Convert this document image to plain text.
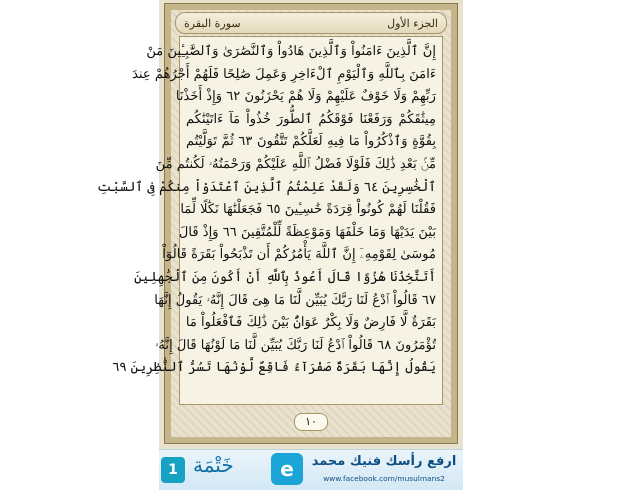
الجزء الأول
سورة البقرة
إِنَّ ٱلَّذِينَ ءَامَنُواْ وَٱلَّذِينَ هَادُواْ وَٱلنَّصَٰرَىٰ وَٱلصَّٰبِـِٔينَ مَنْ
ءَامَنَ بِٱللَّهِ وَٱلْيَوْمِ ٱلْءَاخِرِ وَعَمِلَ صَٰلِحًا فَلَهُمْ أَجْرُهُمْ عِندَ
رَبِّهِمْ وَلَا خَوْفٌ عَلَيْهِمْ وَلَا هُمْ يَحْزَنُونَ ٦٢ وَإِذْ أَخَذْنَا
مِيثَٰقَكُمْ وَرَفَعْنَا فَوْقَكُمُ ٱلطُّورَ خُذُواْ مَآ ءَاتَيْنَٰكُم
بِقُوَّةٍ وَٱذْكُرُواْ مَا فِيهِ لَعَلَّكُمْ تَتَّقُونَ ٦٣ ثُمَّ تَوَلَّيْتُم
مِّنۢ بَعْدِ ذَٰلِكَ فَلَوْلَا فَضْلُ ٱللَّهِ عَلَيْكُمْ وَرَحْمَتُهُۥ لَكُنتُم مِّنَ
ٱلْخَٰسِرِينَ ٦٤ وَلَقَدْ عَلِمْتُمُ ٱلَّذِينَ ٱعْتَدَوْاْ مِنكُمْ فِى ٱلسَّبْتِ
فَقُلْنَا لَهُمْ كُونُواْ قِرَدَةً خَٰسِـِٔينَ ٦٥ فَجَعَلْنَٰهَا نَكَٰلًا لِّمَا
بَيْنَ يَدَيْهَا وَمَا خَلْفَهَا وَمَوْعِظَةً لِّلْمُتَّقِينَ ٦٦ وَإِذْ قَالَ
مُوسَىٰ لِقَوْمِهِۦٓ إِنَّ ٱللَّهَ يَأْمُرُكُمْ أَن تَذْبَحُواْ بَقَرَةً قَالُوٓاْ
أَتَتَّخِذُنَا هُزُوًا قَالَ أَعُوذُ بِٱللَّهِ أَنْ أَكُونَ مِنَ ٱلْجَٰهِلِينَ
٦٧ قَالُواْ ٱدْعُ لَنَا رَبَّكَ يُبَيِّن لَّنَا مَا هِىَ قَالَ إِنَّهُۥ يَقُولُ إِنَّهَا
بَقَرَةٌ لَّا فَارِضٌ وَلَا بِكْرٌ عَوَانٌۢ بَيْنَ ذَٰلِكَ فَٱفْعَلُواْ مَا
تُؤْمَرُونَ ٦٨ قَالُواْ ٱدْعُ لَنَا رَبَّكَ يُبَيِّن لَّنَا مَا لَوْنُهَا قَالَ إِنَّهُۥ
يَقُولُ إِنَّهَا بَقَرَةٌ صَفْرَآءُ فَاقِعٌ لَّوْنُهَا تَسُرُّ ٱلنَّٰظِرِينَ ٦٩
١٠
1 خَتْمَة	e	ارفع رأسك فنيك محمد
www.facebook.com/musulmans2
